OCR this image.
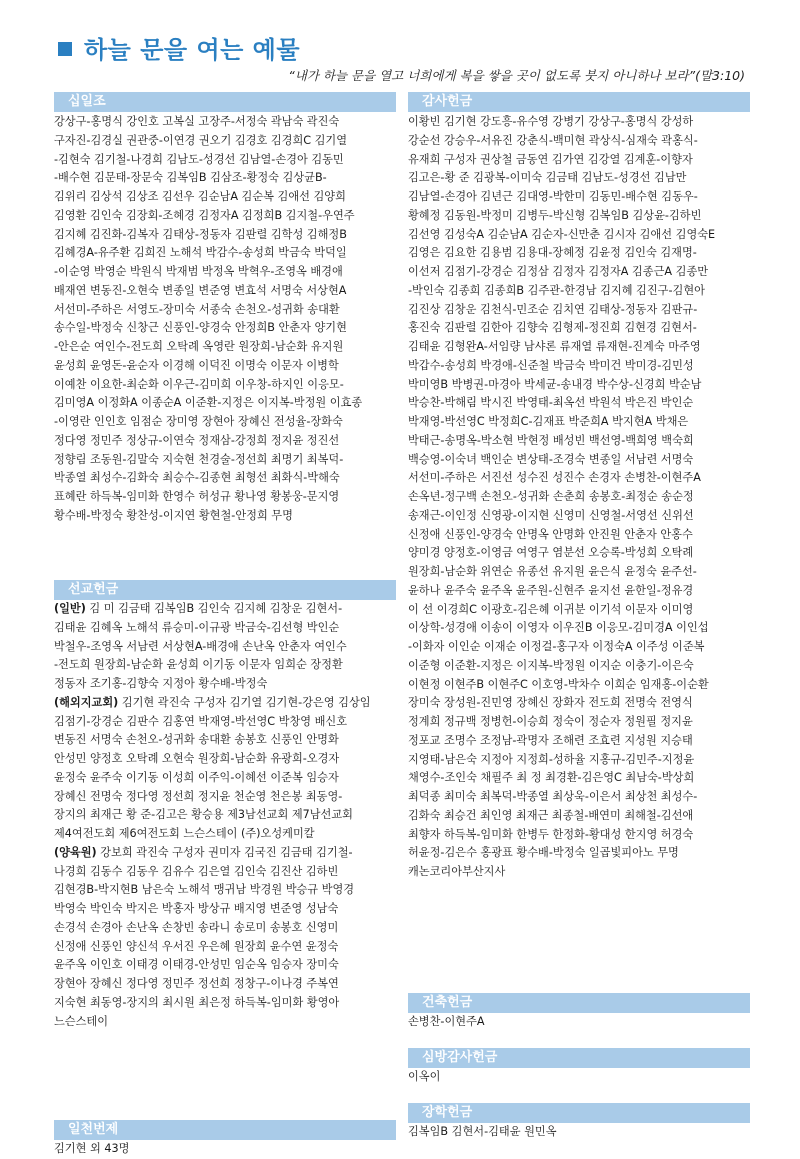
하늘 문을 여는 예물
“내가 하늘 문을 열고 너희에게 복을 쌓을 곳이 없도록 붓지 아니하나 보라”(말3:10)
십일조
강상구-홍명식 강인호 고복실 고장주-서정숙 곽남숙 곽진숙
구자진-김경실 권관중-이연경 권오기 김경호 김경희C 김기열
-김현숙 김기철-나경희 김남도-성경선 김남열-손경아 김동민
-배수현 김문태-장문숙 김복임B 김삼조-황정숙 김상균B-
김위리 김상석 김상조 김선우 김순남A 김순복 김애선 김양희
김영환 김인숙 김장회-조혜경 김정자A 김정희B 김지철-우연주
김지혜 김진화-김복자 김태상-정동자 김판렬 김학성 김해정B
김혜경A-유주환 김희진 노해석 박감수-송성희 박금숙 박덕일
-이순영 박영순 박원식 박재범 박정옥 박혁우-조영옥 배경애
배재연 변동진-오현숙 변종일 변준영 변효석 서명숙 서상현A
서선미-주하은 서영도-장미숙 서종숙 손천오-성귀화 송대환
송수일-박정숙 신창근 신풍인-양경숙 안정희B 안춘자 양기현
-안은순 여인수-전도희 오탁례 옥영란 원장희-남순화 유지원
윤성희 윤영돈-윤순자 이경해 이덕진 이명숙 이문자 이병학
이예찬 이요한-최순화 이우근-김미희 이우창-하지인 이응모-
김미영A 이정화A 이종순A 이준환-지정은 이지복-박정원 이효종
-이영란 인인호 임점순 장미영 장현아 장혜신 전성율-장화숙
정다영 정민주 정상규-이연숙 정재삼-강정희 정지윤 정진선
정향림 조동원-김말숙 지숙현 천경술-정선희 최명기 최복덕-
박종열 최성수-김화숙 최승수-김종현 최형선 최화식-박해숙
표혜란 하득복-임미화 한영수 허성규 황나영 황봉웅-문지영
황수배-박정숙 황찬성-이지연 황현철-안정희 무명
선교헌금
(일반) 김 미 김금태 김복임B 김인숙 김지혜 김창운 김현서-
김태윤 김혜옥 노해석 류승미-이규광 박금숙-김선형 박인순
박철우-조영옥 서남련 서상현A-배경애 손난옥 안춘자 여인수
-전도희 원장희-남순화 윤성희 이기동 이문자 임희순 장정환
정동자 조기홍-김향숙 지정아 황수배-박정숙
(해외지교회) 김기현 곽진숙 구성자 김기열 김기현-강은영 김상임
김점기-강경순 김판수 김홍연 박재영-박선영C 박창영 배신호
변동진 서명숙 손천오-성귀화 송대환 송봉호 신풍인 안명화
안성민 양정호 오탁례 오현숙 원장희-남순화 유광희-오경자
윤정숙 윤주숙 이기동 이성희 이주익-이혜선 이준복 임승자
장혜신 전명숙 정다영 정선희 정지윤 천순영 천은봉 최동영-
장지의 최재근 황 준-김고은 황승용 제3남선교회 제7남선교회
제4여전도회 제6여전도회 느슨스테이 (주)오성케미칼
(양육원) 강보희 곽진숙 구성자 권미자 김국진 김금태 김기철-
나경희 김동수 김동우 김유수 김은열 김인숙 김진산 김하빈
김현경B-박지현B 남은숙 노해석 맹귀남 박경원 박승규 박영경
박영숙 박인숙 박지은 박홍자 방상규 배지영 변준영 성남숙
손경석 손경아 손난옥 손창빈 송라니 송로미 송봉호 신영미
신정애 신풍인 양신석 우서진 우은혜 원장희 윤수연 윤정숙
윤주옥 이인호 이태경 이태경-안성민 임순옥 임승자 장미숙
장현아 장혜신 정다영 정민주 정선희 정창구-이나경 주복연
지숙현 최동영-장지의 최시원 최은정 하득복-임미화 황영아
느슨스테이
일천번제
김기현 외 43명
감사헌금
이황빈 김기현 강도흥-유수영 강병기 강상구-홍명식 강성하
강순선 강승우-서유진 강춘식-백미현 곽상식-심재숙 곽홍식-
유재희 구성자 권상철 금동연 김가연 김강열 김계훈-이향자
김고은-황 준 김광복-이미숙 김금태 김남도-성경선 김남만
김남열-손경아 김년근 김대영-박한미 김동민-배수현 김동우-
황혜정 김동원-박정미 김병두-박신형 김복임B 김상윤-김하빈
김선영 김성숙A 김순남A 김순자-신만춘 김시자 김애선 김영숙E
김영은 김요한 김용범 김용대-장혜정 김윤정 김인숙 김재명-
이선저 김점기-강경순 김정삼 김정자 김정자A 김종근A 김종만
-박인숙 김종희 김종희B 김주관-한경남 김지혜 김진구-김현아
김진상 김창운 김천식-민조순 김치연 김태상-정동자 김판규-
홍진숙 김판렬 김한아 김향숙 김형제-정진희 김현경 김현서-
김태윤 김형완A-서임량 남샤론 류재열 류재현-진계숙 마주영
박갑수-송성희 박경애-신준철 박금숙 박미건 박미경-김민성
박미영B 박병권-마경아 박세균-송내경 박수상-신경희 박순남
박승찬-박해림 박시진 박영태-최옥선 박원석 박은진 박인순
박재영-박선영C 박정희C-김재표 박준희A 박지현A 박채은
박태근-송명옥-박소현 박현정 배성빈 백선영-백희영 백숙희
백승영-이숙녀 백인순 변상태-조경숙 변종일 서남련 서명숙
서선미-주하은 서진선 성수진 성진수 손경자 손병찬-이현주A
손옥년-정구백 손천오-성귀화 손춘희 송봉호-최정순 송순정
송재근-이인정 신영광-이지현 신영미 신영철-서영선 신위선
신정애 신풍인-양경숙 안명옥 안명화 안진원 안춘자 안홍수
양미경 양정호-이영금 여영구 염분선 오승록-박성희 오탁례
원장희-남순화 위연순 유종선 유지원 윤은식 윤정숙 윤주선-
윤하나 윤주숙 윤주옥 윤주원-신현주 윤지선 윤한일-정유경
이 선 이경희C 이광호-김은혜 이귀분 이기석 이문자 이미영
이상학-성경애 이송이 이영자 이우진B 이응모-김미경A 이인섭
-이화자 이인순 이재순 이정걸-홍구자 이정숙A 이주성 이준복
이준형 이준환-지정은 이지복-박정원 이지순 이충기-이은숙
이현정 이현주B 이현주C 이호영-박차수 이희순 임재홍-이순환
장미숙 장성원-진민영 장혜신 장화자 전도희 전명숙 전영식
정계희 정규백 정병헌-이승희 정숙이 정순자 정원필 정지윤
정포교 조명수 조정남-곽명자 조해련 조효련 지성원 지승태
지영태-남은숙 지정아 지정희-성하율 지홍규-김민주-지정윤
채영수-조인숙 채필주 최 정 최경환-김은영C 최남숙-박상희
최덕종 최미숙 최복덕-박종열 최상욱-이은서 최상천 최성수-
김화숙 최승건 최인영 최재근 최종철-배연미 최해철-김선애
최향자 하득복-임미화 한병두 한정화-황대성 한지영 허경숙
허윤정-김은수 홍광표 황수배-박정숙 일곱빛피아노 무명
캐논코리아부산지사
건축헌금
손병찬-이현주A
심방감사헌금
이옥이
장학헌금
김복임B 김현서-김태윤 원민옥
